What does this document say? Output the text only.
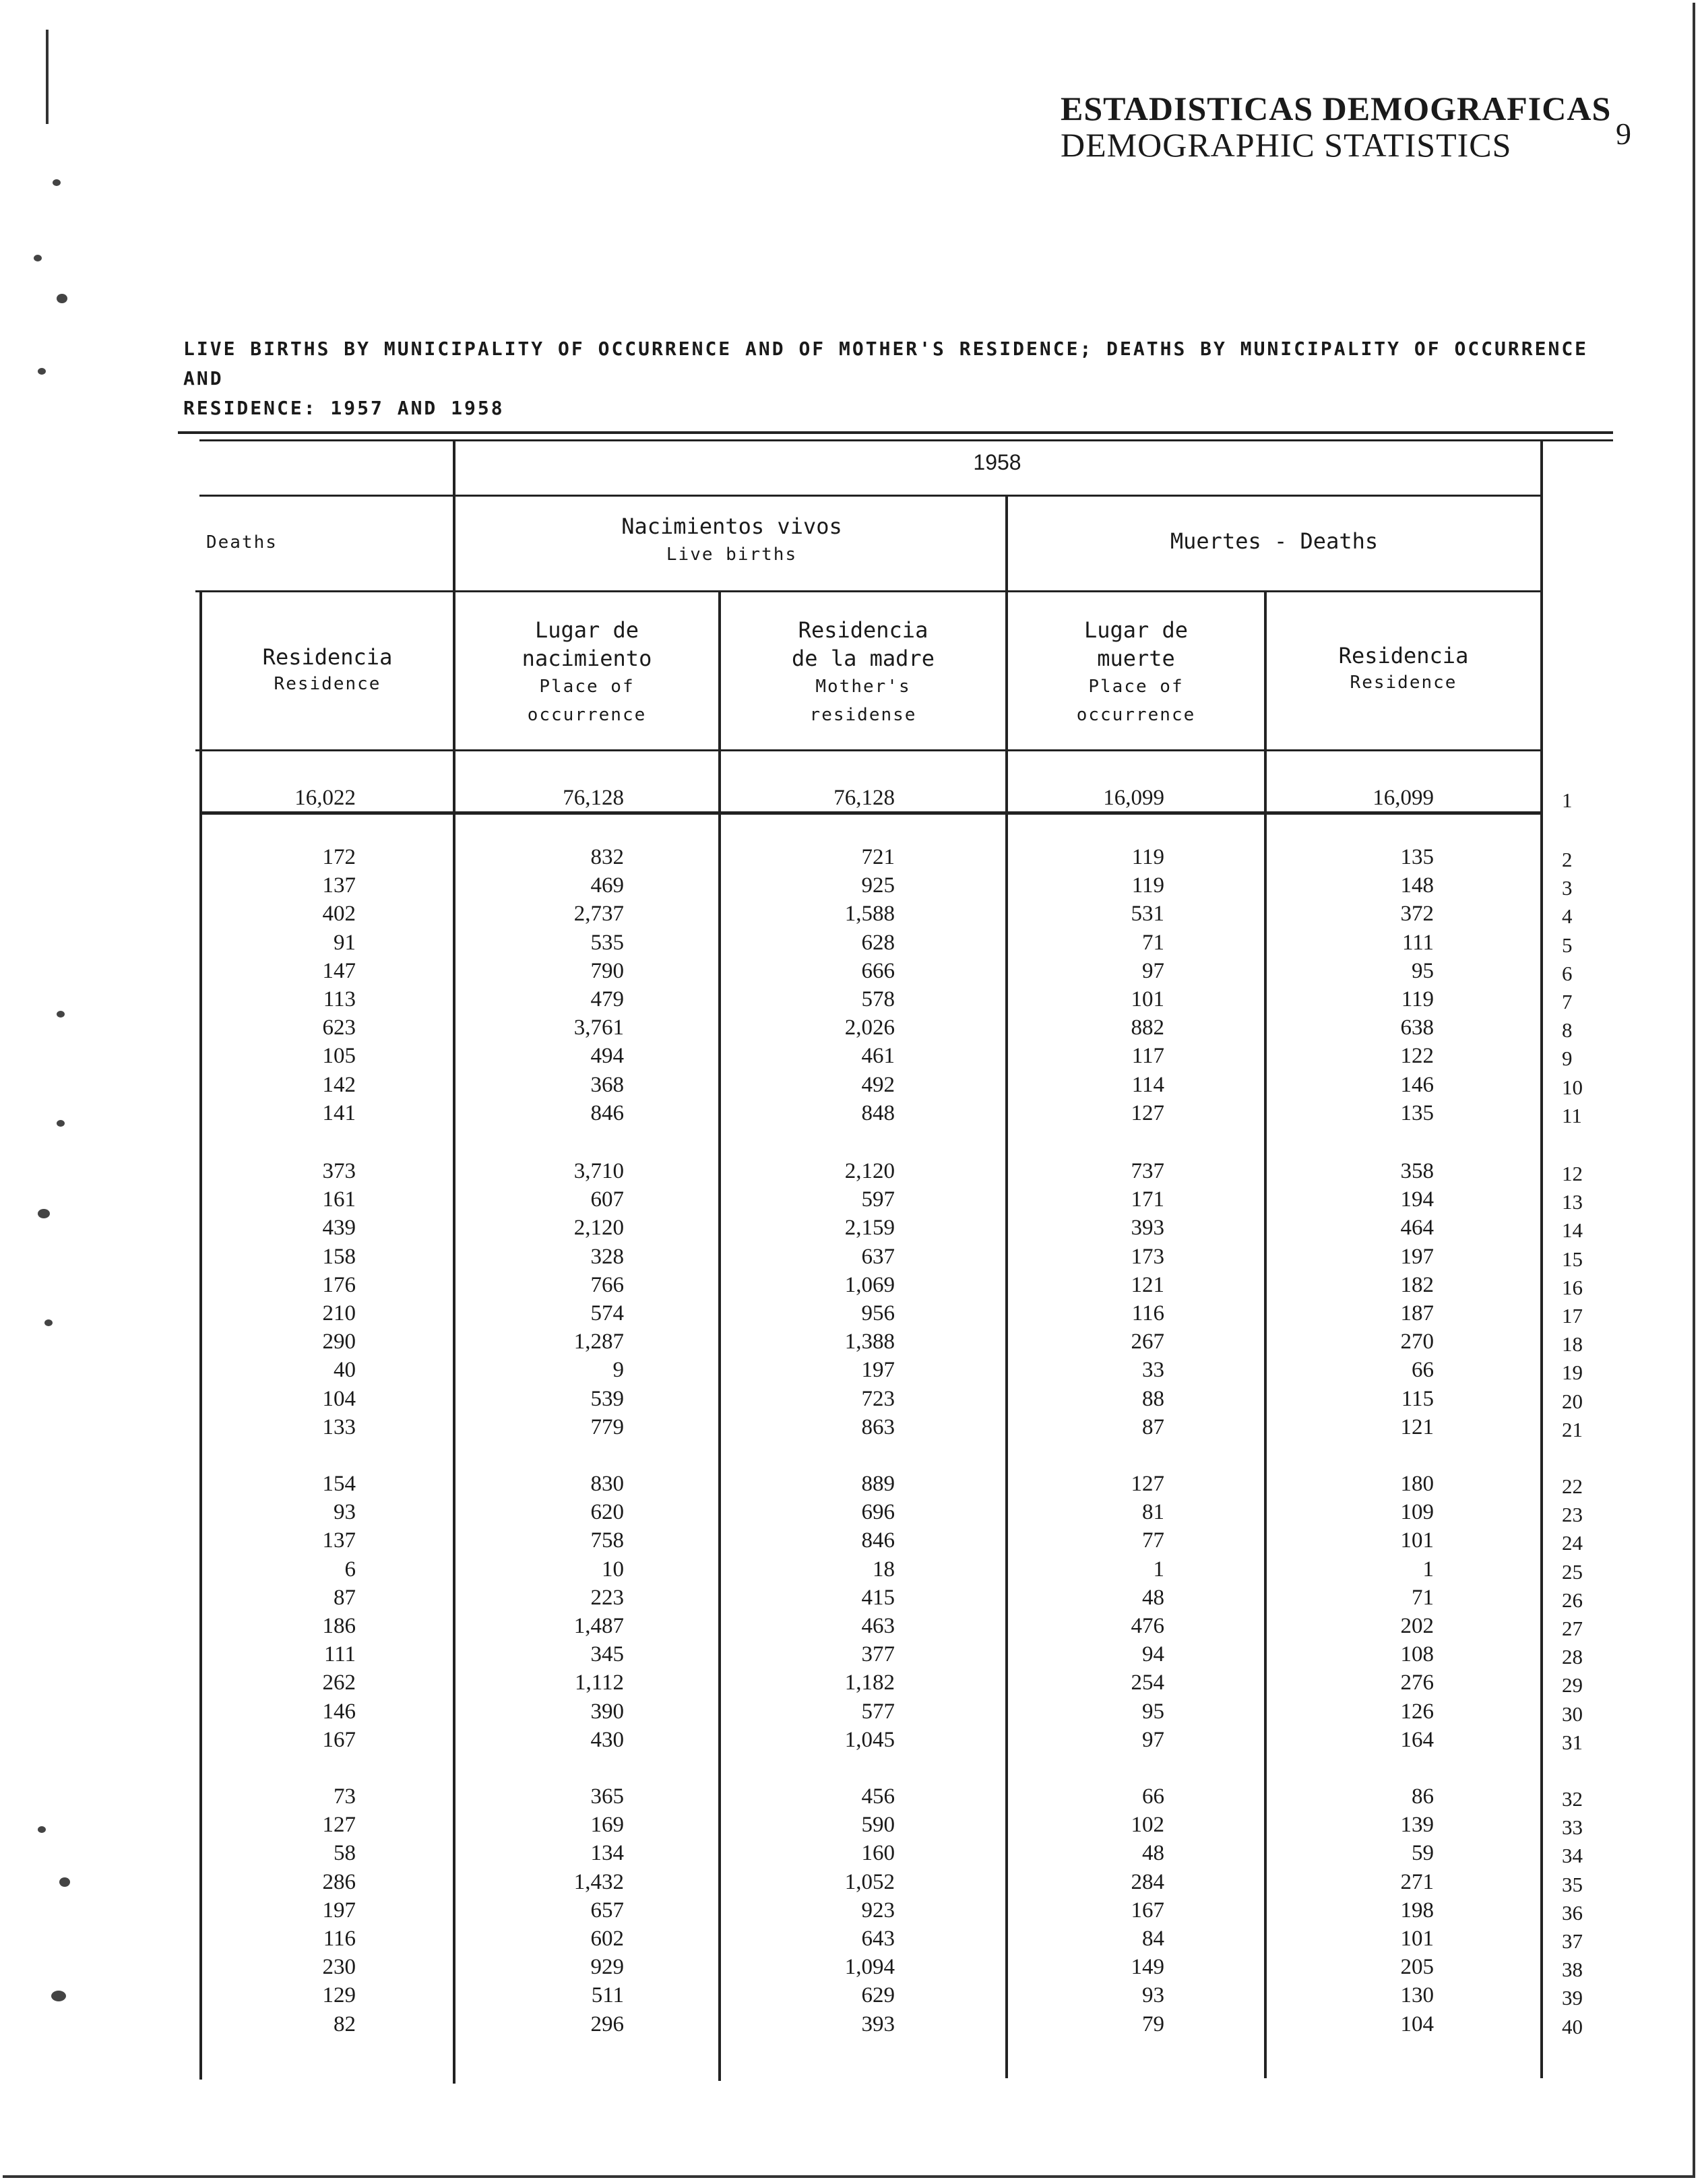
ESTADISTICAS DEMOGRAFICAS
DEMOGRAPHIC STATISTICS	9
LIVE BIRTHS BY MUNICIPALITY OF OCCURRENCE AND OF MOTHER'S RESIDENCE; DEATHS BY MUNICIPALITY OF OCCURRENCE AND
RESIDENCE: 1957 AND 1958
1958
Deaths
Nacimientos vivos
Live births
Muertes - Deaths
Residencia
Residence
Lugar de
nacimiento
Place of
occurrence
Residencia
de la madre
Mother's
residense
Lugar de
muerte
Place of
occurrence
Residencia
Residence
16,022	76,128	76,128	16,099	16,099	1
172	832	721	119	135	2
137	469	925	119	148	3
402	2,737	1,588	531	372	4
91	535	628	71	111	5
147	790	666	97	95	6
113	479	578	101	119	7
623	3,761	2,026	882	638	8
105	494	461	117	122	9
142	368	492	114	146	10
141	846	848	127	135	11
373	3,710	2,120	737	358	12
161	607	597	171	194	13
439	2,120	2,159	393	464	14
158	328	637	173	197	15
176	766	1,069	121	182	16
210	574	956	116	187	17
290	1,287	1,388	267	270	18
40	9	197	33	66	19
104	539	723	88	115	20
133	779	863	87	121	21
154	830	889	127	180	22
93	620	696	81	109	23
137	758	846	77	101	24
6	10	18	1	1	25
87	223	415	48	71	26
186	1,487	463	476	202	27
111	345	377	94	108	28
262	1,112	1,182	254	276	29
146	390	577	95	126	30
167	430	1,045	97	164	31
73	365	456	66	86	32
127	169	590	102	139	33
58	134	160	48	59	34
286	1,432	1,052	284	271	35
197	657	923	167	198	36
116	602	643	84	101	37
230	929	1,094	149	205	38
129	511	629	93	130	39
82	296	393	79	104	40
